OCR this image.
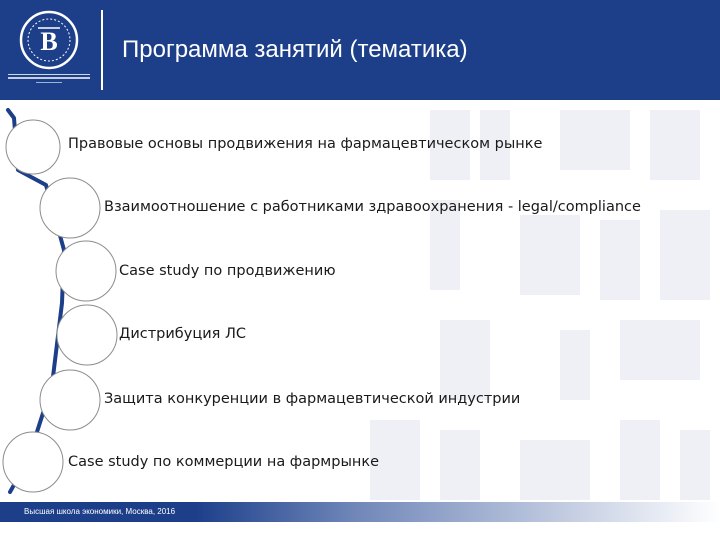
B	Программа занятий (тематика)
Правовые основы продвижения на фармацевтическом рынке
Взаимоотношение с работниками здравоохранения - legal/compliance
Case study по продвижению
Дистрибуция ЛС
Защита конкуренции в фармацевтической индустрии
Case study по коммерции на фармрынке
Высшая школа экономики, Москва, 2016
